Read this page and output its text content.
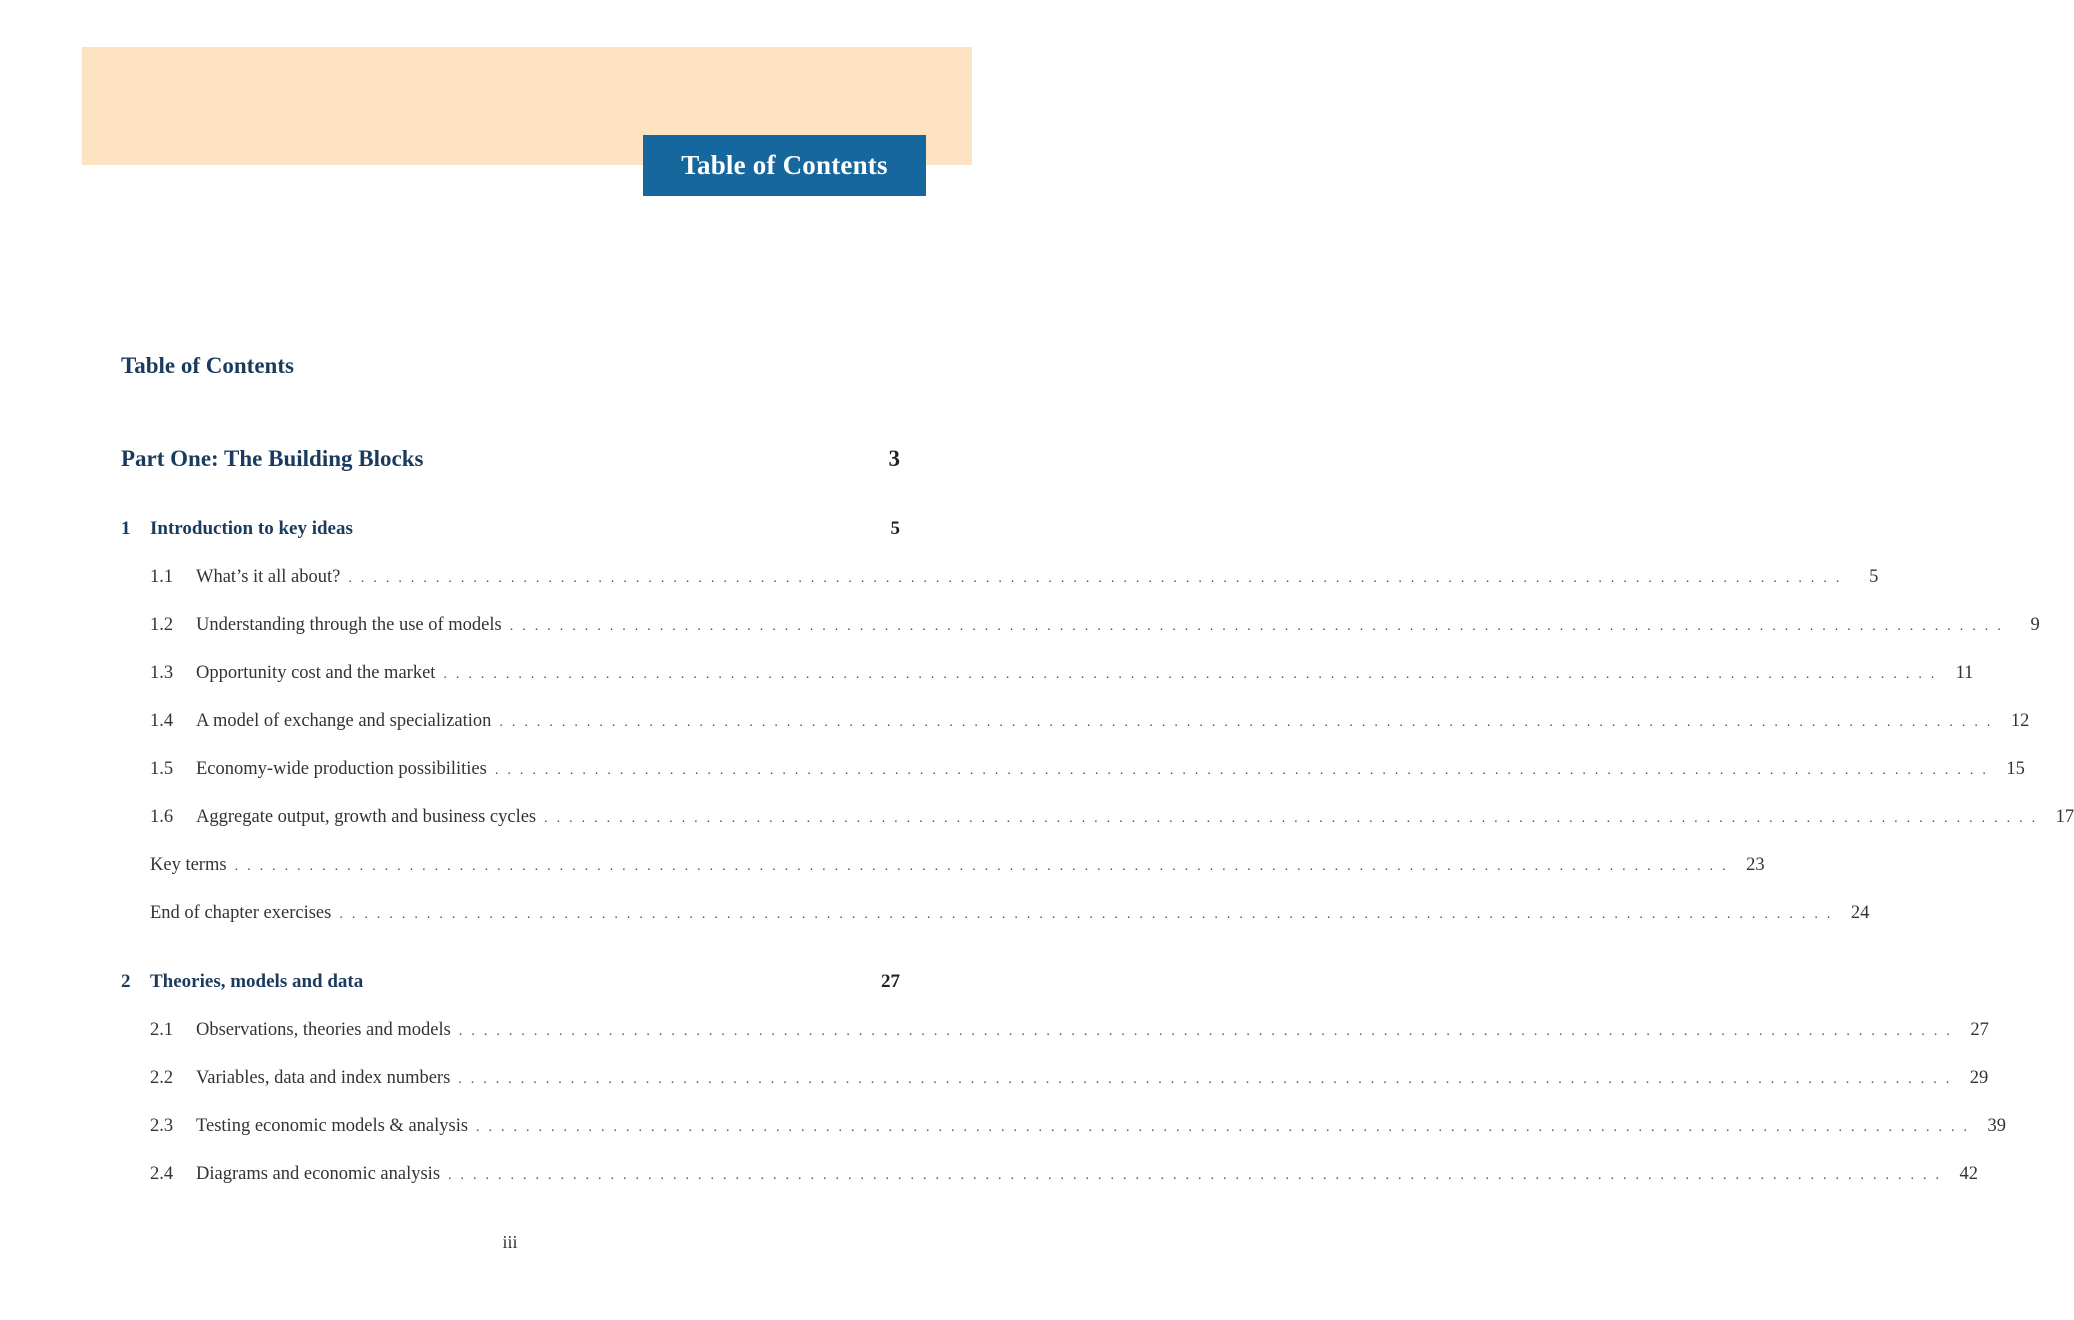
Table of Contents
Table of Contents
Part One: The Building Blocks	3
1	Introduction to key ideas	5
1.1	What’s it all about? ........................................................................................................................	5
1.2	Understanding through the use of models ........................................................................................................................	9
1.3	Opportunity cost and the market ........................................................................................................................ 11
1.4	A model of exchange and specialization ........................................................................................................................ 12
1.5	Economy-wide production possibilities ........................................................................................................................ 15
1.6	Aggregate output, growth and business cycles ........................................................................................................................ 17
Key terms ........................................................................................................................ 23
End of chapter exercises ........................................................................................................................ 24
2	Theories, models and data	27
2.1	Observations, theories and models ........................................................................................................................ 27
2.2	Variables, data and index numbers ........................................................................................................................ 29
2.3	Testing economic models & analysis ........................................................................................................................ 39
2.4	Diagrams and economic analysis ........................................................................................................................ 42
iii
